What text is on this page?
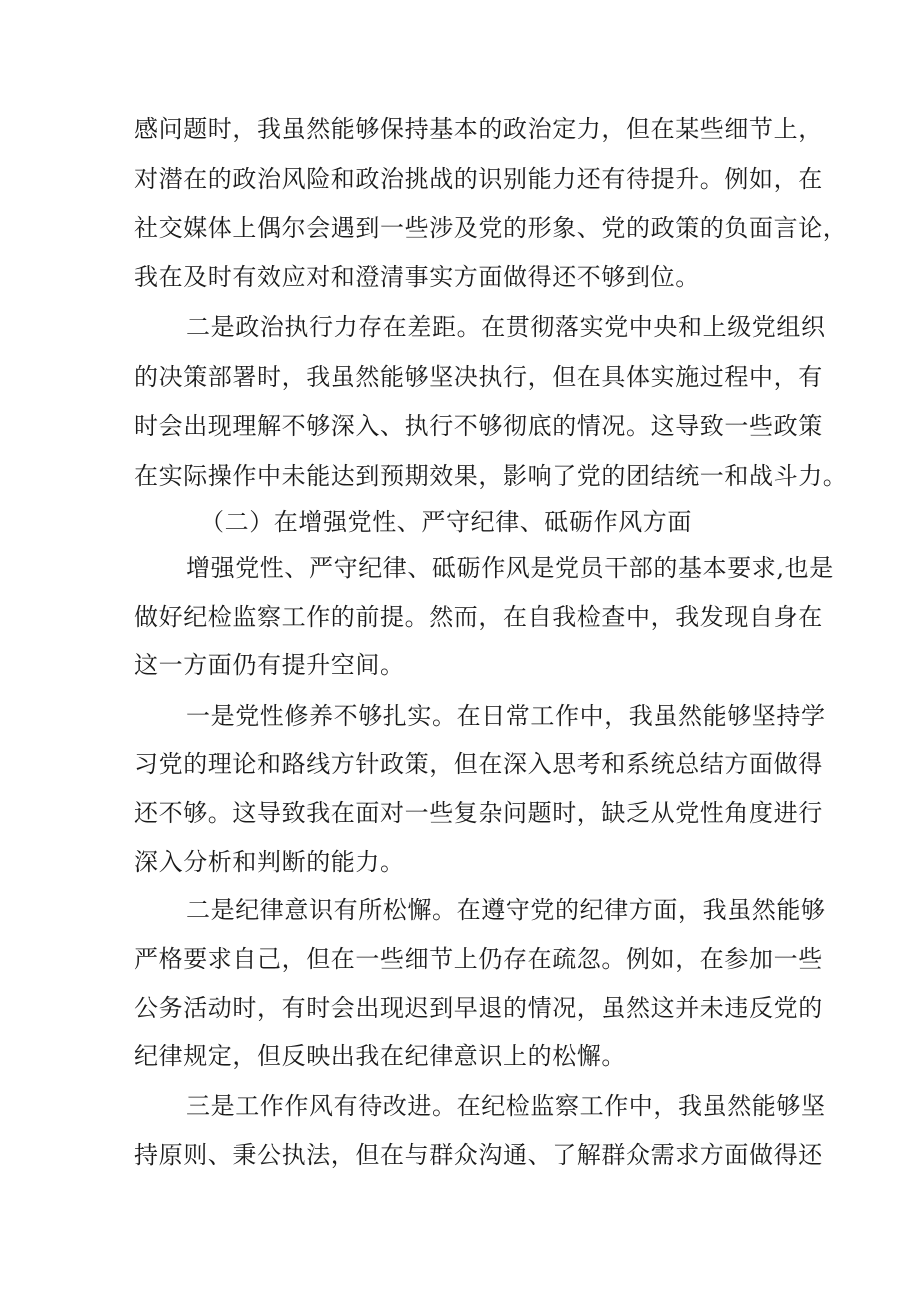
感问题时，我虽然能够保持基本的政治定力，但在某些细节上，
对潜在的政治风险和政治挑战的识别能力还有待提升。例如，在
社交媒体上偶尔会遇到一些涉及党的形象、党的政策的负面言论，
我在及时有效应对和澄清事实方面做得还不够到位。
二是政治执行力存在差距。在贯彻落实党中央和上级党组织
的决策部署时，我虽然能够坚决执行，但在具体实施过程中，有
时会出现理解不够深入、执行不够彻底的情况。这导致一些政策
在实际操作中未能达到预期效果，影响了党的团结统一和战斗力。
（二）在增强党性、严守纪律、砥砺作风方面
增强党性、严守纪律、砥砺作风是党员干部的基本要求,也是
做好纪检监察工作的前提。然而，在自我检查中，我发现自身在
这一方面仍有提升空间。
一是党性修养不够扎实。在日常工作中，我虽然能够坚持学
习党的理论和路线方针政策，但在深入思考和系统总结方面做得
还不够。这导致我在面对一些复杂问题时，缺乏从党性角度进行
深入分析和判断的能力。
二是纪律意识有所松懈。在遵守党的纪律方面，我虽然能够
严格要求自己，但在一些细节上仍存在疏忽。例如，在参加一些
公务活动时，有时会出现迟到早退的情况，虽然这并未违反党的
纪律规定，但反映出我在纪律意识上的松懈。
三是工作作风有待改进。在纪检监察工作中，我虽然能够坚
持原则、秉公执法，但在与群众沟通、了解群众需求方面做得还
